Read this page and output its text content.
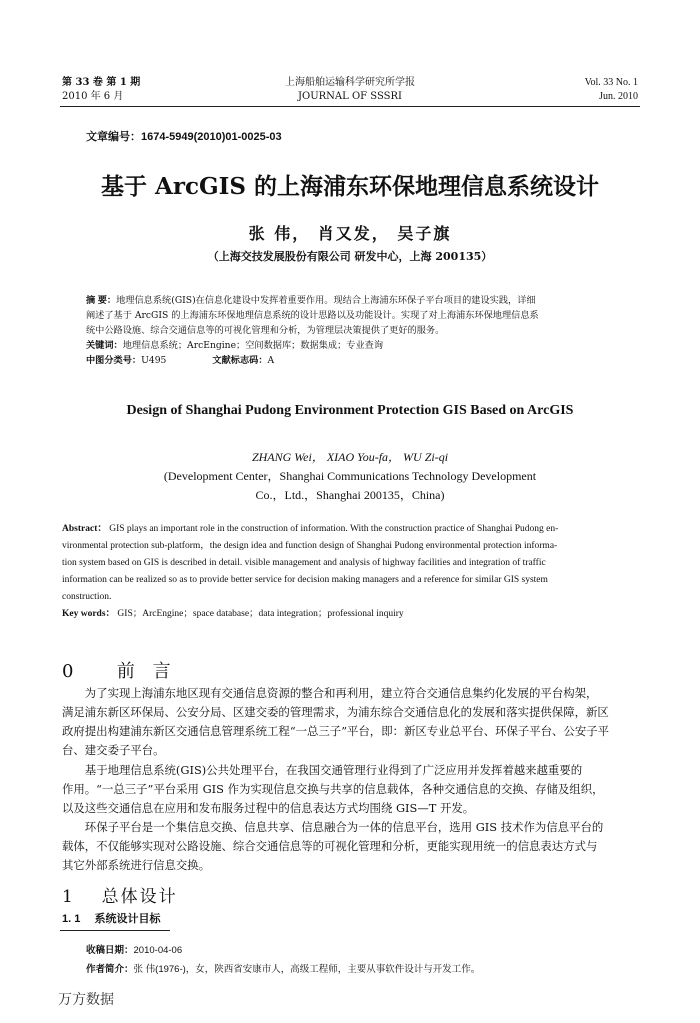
第 33 卷 第 1 期
2010 年 6 月
上海船舶运输科学研究所学报
JOURNAL OF SSSRI
Vol. 33 No. 1
Jun. 2010
文章编号：1674-5949(2010)01-0025-03
基于 ArcGIS 的上海浦东环保地理信息系统设计
张 伟， 肖又发， 吴子旗
（上海交技发展股份有限公司 研发中心，上海 200135）
摘 要：地理信息系统(GIS)在信息化建设中发挥着重要作用。现结合上海浦东环保子平台项目的建设实践，详细
阐述了基于 ArcGIS 的上海浦东环保地理信息系统的设计思路以及功能设计。实现了对上海浦东环保地理信息系
统中公路设施、综合交通信息等的可视化管理和分析，为管理层决策提供了更好的服务。
关键词：地理信息系统；ArcEngine；空间数据库；数据集成；专业查询
中图分类号：U495	文献标志码：A
Design of Shanghai Pudong Environment Protection GIS Based on ArcGIS
ZHANG Wei， XIAO You-fa， WU Zi-qi
(Development Center，Shanghai Communications Technology Development
Co.，Ltd.，Shanghai 200135，China)
Abstract： GIS plays an important role in the construction of information. With the construction practice of Shanghai Pudong en-
vironmental protection sub-platform，the design idea and function design of Shanghai Pudong environmental protection informa-
tion system based on GIS is described in detail. visible management and analysis of highway facilities and integration of traffic
information can be realized so as to provide better service for decision making managers and a reference for similar GIS system
construction.
Key words： GIS；ArcEngine；space database；data integration；professional inquiry
0 前 言
为了实现上海浦东地区现有交通信息资源的整合和再利用，建立符合交通信息集约化发展的平台构架，
满足浦东新区环保局、公安分局、区建交委的管理需求，为浦东综合交通信息化的发展和落实提供保障，新区
政府提出构建浦东新区交通信息管理系统工程“一总三子”平台，即：新区专业总平台、环保子平台、公安子平
台、建交委子平台。
基于地理信息系统(GIS)公共处理平台，在我国交通管理行业得到了广泛应用并发挥着越来越重要的
作用。“一总三子”平台采用 GIS 作为实现信息交换与共享的信息载体，各种交通信息的交换、存储及组织，
以及这些交通信息在应用和发布服务过程中的信息表达方式均围绕 GIS—T 开发。
环保子平台是一个集信息交换、信息共享、信息融合为一体的信息平台，选用 GIS 技术作为信息平台的
载体，不仅能够实现对公路设施、综合交通信息等的可视化管理和分析，更能实现用统一的信息表达方式与
其它外部系统进行信息交换。
1 总体设计
1. 1 系统设计目标
收稿日期：2010-04-06
作者简介：张 伟(1976-)，女，陕西省安康市人，高级工程师，主要从事软件设计与开发工作。
万方数据
